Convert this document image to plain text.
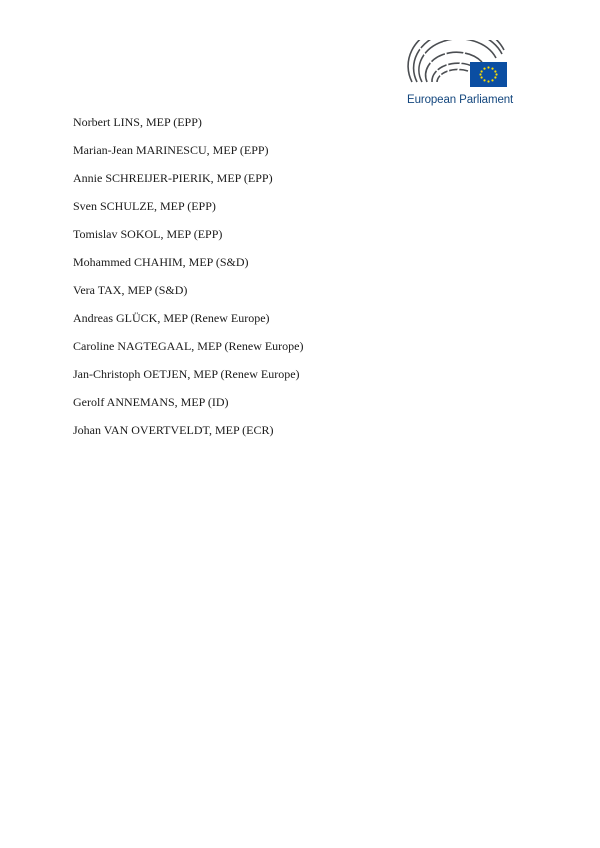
European Parliament
Norbert LINS, MEP (EPP)
Marian-Jean MARINESCU, MEP (EPP)
Annie SCHREIJER-PIERIK, MEP (EPP)
Sven SCHULZE, MEP (EPP)
Tomislav SOKOL, MEP (EPP)
Mohammed CHAHIM, MEP (S&D)
Vera TAX, MEP (S&D)
Andreas GLÜCK, MEP (Renew Europe)
Caroline NAGTEGAAL, MEP (Renew Europe)
Jan-Christoph OETJEN, MEP (Renew Europe)
Gerolf ANNEMANS, MEP (ID)
Johan VAN OVERTVELDT, MEP (ECR)
